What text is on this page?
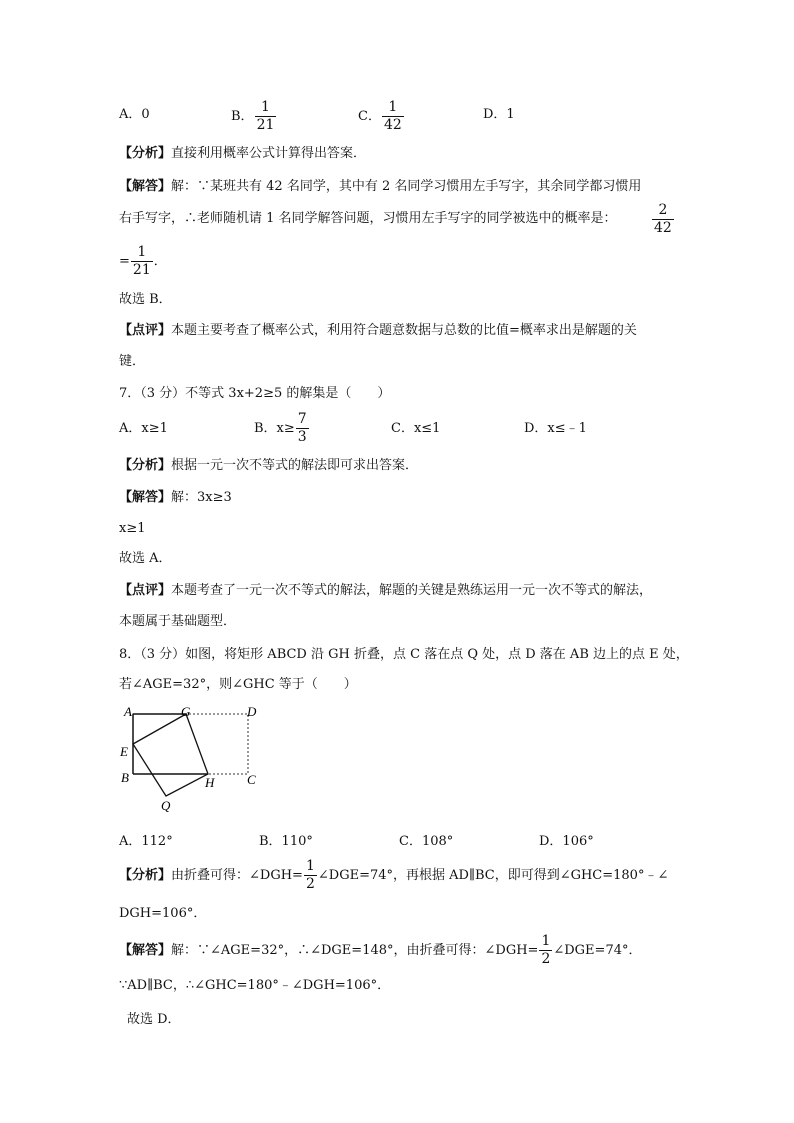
A．0	B． $\frac{1}{21}$	C． $\frac{1}{42}$	D．1
【分析】直接利用概率公式计算得出答案．
【解答】解：∵某班共有 42 名同学，其中有 2 名同学习惯用左手写字，其余同学都习惯用
右手写字，∴老师随机请 1 名同学解答问题，习惯用左手写字的同学被选中的概率是：	$\frac{2}{42}$
= $\frac{1}{21}$ ．
故选 B．
【点评】本题主要考查了概率公式，利用符合题意数据与总数的比值=概率求出是解题的关
键．
7．（3 分）不等式 3x+2≥5 的解集是（　　）
A．x≥1	B．$x\ge \frac{7}{3}$	C．x≤1	D．x≤﹣1
【分析】根据一元一次不等式的解法即可求出答案．
【解答】解：3x≥3
x≥1
故选 A．
【点评】本题考查了一元一次不等式的解法，解题的关键是熟练运用一元一次不等式的解法，
本题属于基础题型．
8．（3 分）如图，将矩形 ABCD 沿 GH 折叠，点 C 落在点 Q 处，点 D 落在 AB 边上的点 E 处，
若∠AGE=32°，则∠GHC 等于（　　）
A	G	D
E
B	H	C
Q
A．112°	B．110°	C．108°	D．106°
【分析】由折叠可得：∠DGH= $\frac{1}{2}$ ∠DGE=74°，再根据 AD∥BC，即可得到∠GHC=180°﹣∠
DGH=106°．
【解答】解：∵∠AGE=32°，∴∠DGE=148°，由折叠可得：∠DGH= $\frac{1}{2}$ ∠DGE=74°．
∵AD∥BC，∴∠GHC=180°﹣∠DGH=106°．
故选 D．
